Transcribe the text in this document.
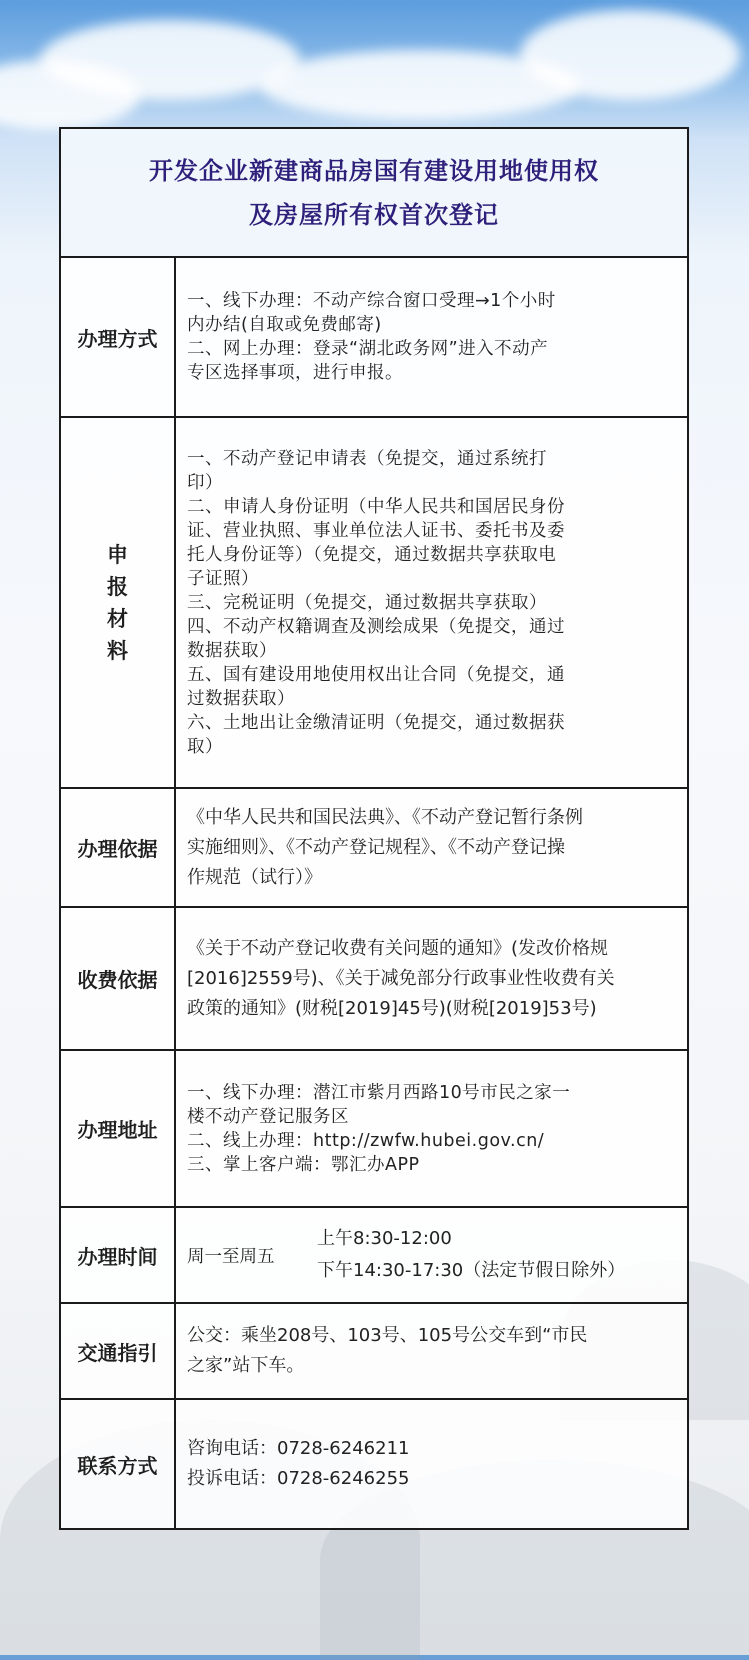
开发企业新建商品房国有建设用地使用权
及房屋所有权首次登记
办理方式

一、线下办理：不动产综合窗口受理→1个小时

内办结(自取或免费邮寄)

二、网上办理：登录“湖北政务网”进入不动产

专区选择事项，进行申报。

申
报
材
料

一、不动产登记申请表（免提交，通过系统打

印）

二、申请人身份证明（中华人民共和国居民身份

证、营业执照、事业单位法人证书、委托书及委

托人身份证等）（免提交，通过数据共享获取电

子证照）

三、完税证明（免提交，通过数据共享获取）

四、不动产权籍调查及测绘成果（免提交，通过

数据获取）

五、国有建设用地使用权出让合同（免提交，通

过数据获取）

六、土地出让金缴清证明（免提交，通过数据获

取）

办理依据

《中华人民共和国民法典》、《不动产登记暂行条例

实施细则》、《不动产登记规程》、《不动产登记操

作规范（试行）》

收费依据

《关于不动产登记收费有关问题的通知》(发改价格规

[2016]2559号)、《关于减免部分行政事业性收费有关

政策的通知》(财税[2019]45号)(财税[2019]53号)

办理地址

一、线下办理：潜江市紫月西路10号市民之家一

楼不动产登记服务区

二、线上办理：http://zwfw.hubei.gov.cn/

三、掌上客户端：鄂汇办APP

办理时间	周一至周五

上午8:30-12:00

下午14:30-17:30（法定节假日除外）

交通指引

公交：乘坐208号、103号、105号公交车到“市民

之家”站下车。

联系方式

咨询电话：0728-6246211

投诉电话：0728-6246255
